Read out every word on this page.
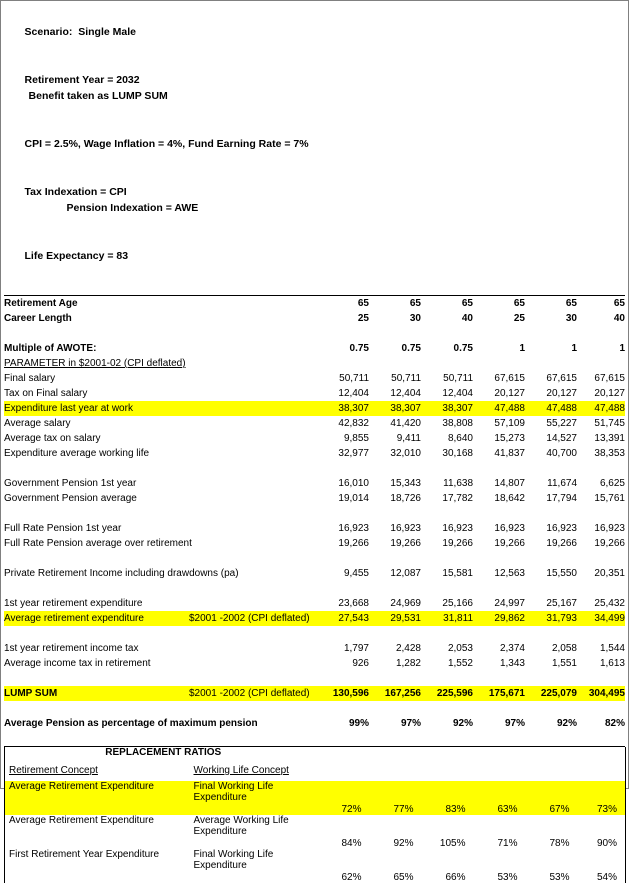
Scenario:  Single Male

Retirement Year = 2032
Benefit taken as LUMP SUM

CPI = 2.5%, Wage Inflation = 4%, Fund Earning Rate = 7%

Tax Indexation = CPI
Pension Indexation = AWE

Life Expectancy = 83

Retirement Age		65	65	65	65	65	65
Career Length		25	30	40	25	30	40

Multiple of AWOTE:		0.75	0.75	0.75	1	1	1
PARAMETER in $2001-02 (CPI deflated)							
Final salary		50,711	50,711	50,711	67,615	67,615	67,615
Tax on Final salary		12,404	12,404	12,404	20,127	20,127	20,127
Expenditure last year at work		38,307	38,307	38,307	47,488	47,488	47,488
Average salary		42,832	41,420	38,808	57,109	55,227	51,745
Average tax on salary		9,855	9,411	8,640	15,273	14,527	13,391
Expenditure average working life		32,977	32,010	30,168	41,837	40,700	38,353

Government Pension 1st year		16,010	15,343	11,638	14,807	11,674	6,625
Government Pension average		19,014	18,726	17,782	18,642	17,794	15,761

Full Rate Pension 1st year		16,923	16,923	16,923	16,923	16,923	16,923
Full Rate Pension average over retirement		19,266	19,266	19,266	19,266	19,266	19,266

Private Retirement Income including drawdowns (pa)		9,455	12,087	15,581	12,563	15,550	20,351

1st year retirement expenditure		23,668	24,969	25,166	24,997	25,167	25,432
Average retirement expenditure	$2001 -2002 (CPI deflated)	27,543	29,531	31,811	29,862	31,793	34,499

1st year retirement income tax		1,797	2,428	2,053	2,374	2,058	1,544
Average income tax in retirement		926	1,282	1,552	1,343	1,551	1,613

LUMP SUM	$2001 -2002 (CPI deflated)	130,596	167,256	225,596	175,671	225,079	304,495

Average Pension as percentage of maximum pension		99%	97%	92%	97%	92%	82%

REPLACEMENT RATIOS							
Retirement Concept	Working Life Concept						
Average Retirement Expenditure	Final Working Life Expenditure	72%	77%	83%	63%	67%	73%
Average Retirement Expenditure	Average Working Life Expenditure	84%	92%	105%	71%	78%	90%
First Retirement Year Expenditure	Final Working Life Expenditure	62%	65%	66%	53%	53%	54%
